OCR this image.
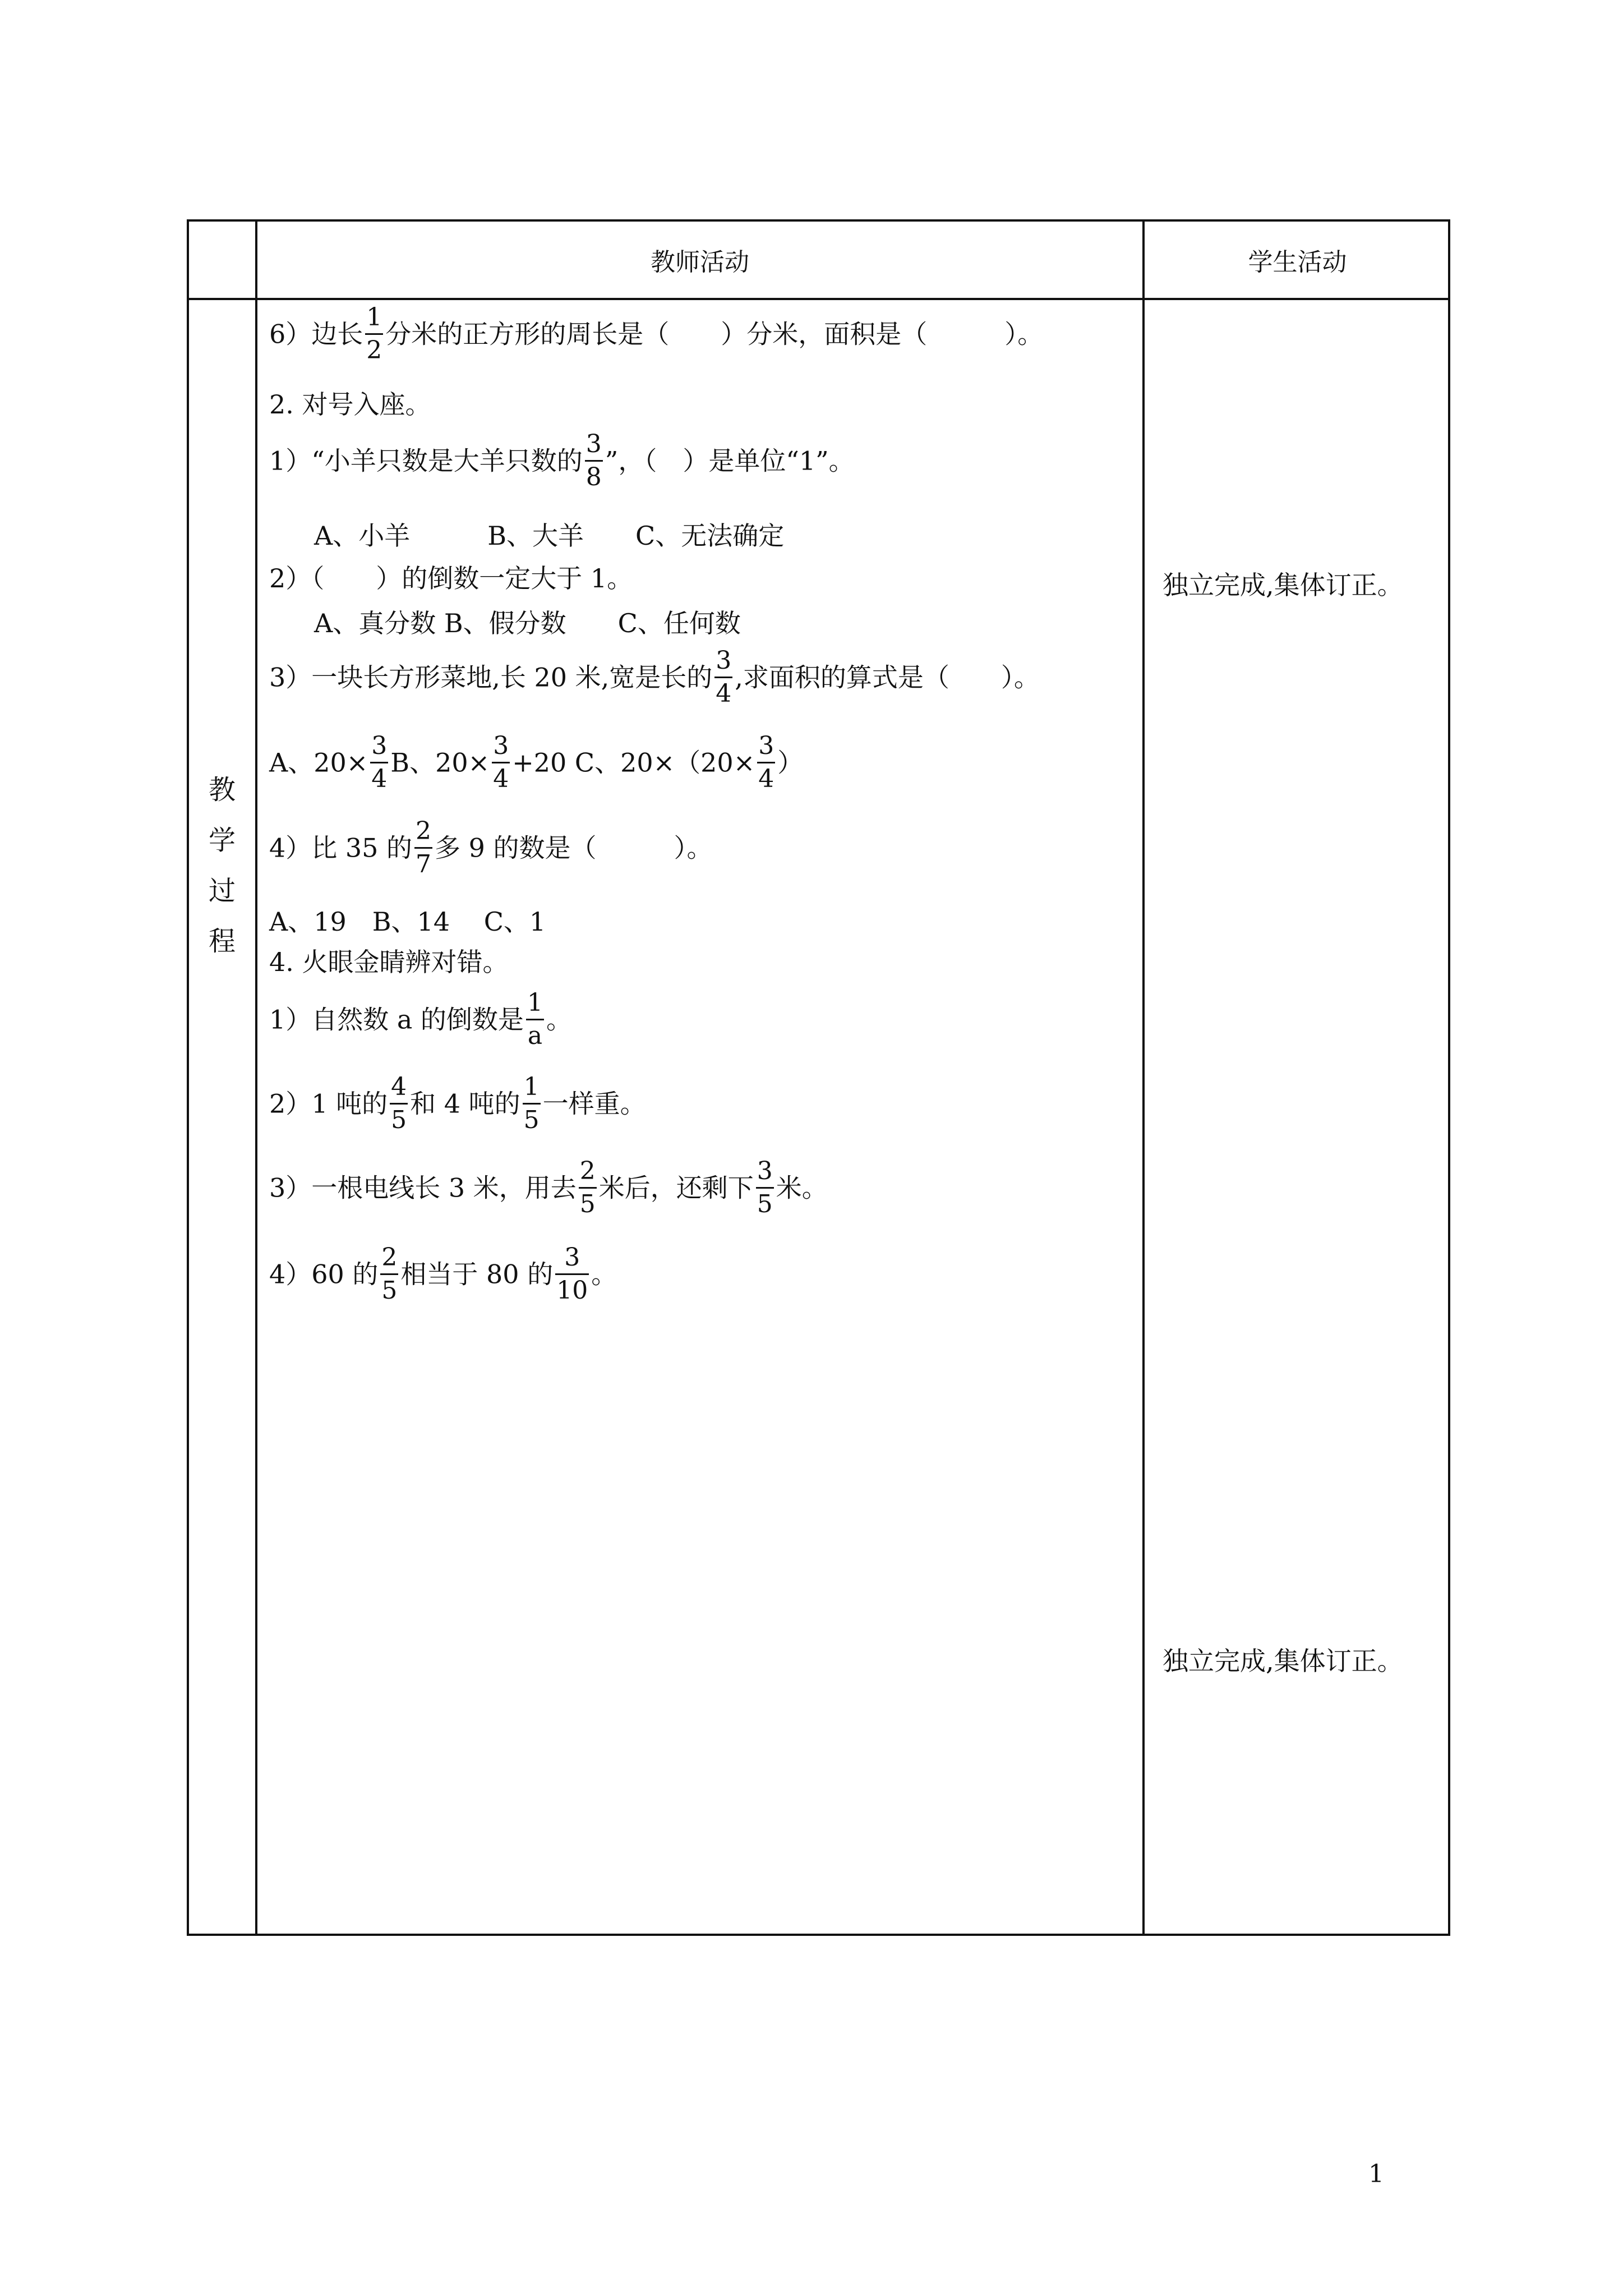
教师活动	学生活动
教
学
过
程
独立完成,集体订正。
独立完成,集体订正。
6）边长 $\frac{1}{2}$ 分米的正方形的周长是（　　）分米，面积是（　　　）。
2. 对号入座。
1）“小羊只数是大羊只数的 $\frac{3}{8}$ ”，（　）是单位“1”。
A、小羊　　　B、大羊　　C、无法确定
2）（　　）的倒数一定大于 1。
A、真分数 B、假分数　　C、任何数
3）一块长方形菜地,长 20 米,宽是长的 $\frac{3}{4}$ ,求面积的算式是（　　）。
A、$20\times \frac{3}{4}$ B、$20\times \frac{3}{4} +20$ C、$20\times(20\times \frac{3}{4}$ ）
4）比 35 的 $\frac{2}{7}$ 多 9 的数是（　　　）。
A、19　B、14　 C、1
4. 火眼金睛辨对错。
1）自然数 a 的倒数是 $\frac{1}{a}$ 。
2）1 吨的 $\frac{4}{5}$ 和 4 吨的 $\frac{1}{5}$ 一样重。
3）一根电线长 3 米，用去 $\frac{2}{5}$ 米后，还剩下 $\frac{3}{5}$ 米。
4）60 的 $\frac{2}{5}$ 相当于 80 的 $\frac{3}{10}$ 。
1
